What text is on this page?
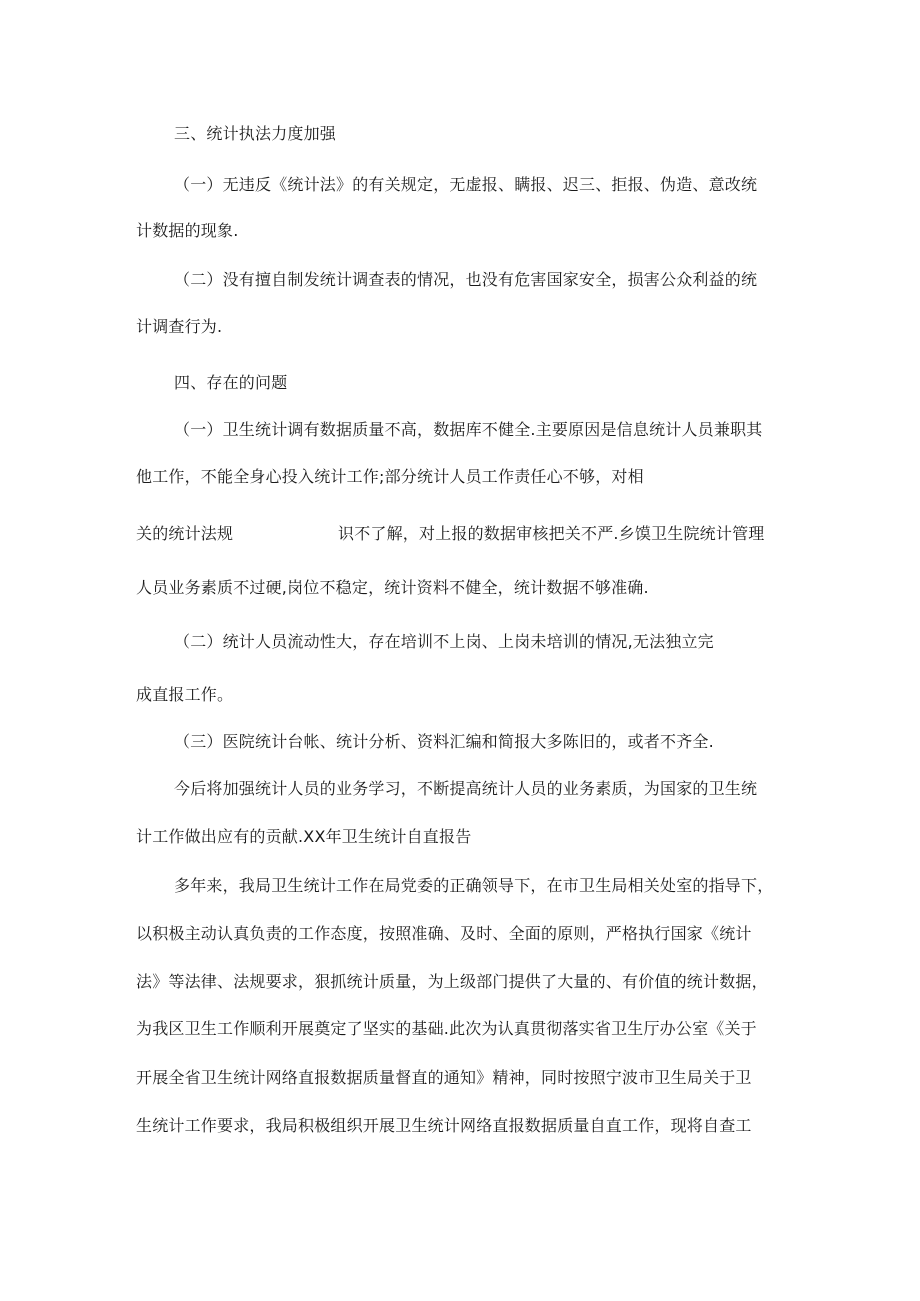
三、统计执法力度加强
（一）无违反《统计法》的有关规定，无虚报、瞒报、迟三、拒报、伪造、意改统
计数据的现象.
（二）没有擅自制发统计调查表的情况，也没有危害国家安全，损害公众利益的统
计调查行为.
四、存在的问题
（一）卫生统计调有数据质量不高，数据库不健全.主要原因是信息统计人员兼职其
他工作，不能全身心投入统计工作;部分统计人员工作责任心不够，对相
关的统计法规	识不了解，对上报的数据审核把关不严.乡馍卫生院统计管理
人员业务素质不过硬,岗位不稳定，统计资料不健全，统计数据不够准确.
（二）统计人员流动性大，存在培训不上岗、上岗未培训的情况,无法独立完
成直报工作。
（三）医院统计台帐、统计分析、资料汇编和简报大多陈旧的，或者不齐全.
今后将加强统计人员的业务学习，不断提高统计人员的业务素质，为国家的卫生统
计工作做出应有的贡献.XX年卫生统计自直报告
多年来，我局卫生统计工作在局党委的正确领导下，在市卫生局相关处室的指导下，
以积极主动认真负责的工作态度，按照准确、及时、全面的原则，严格执行国家《统计
法》等法律、法规要求，狠抓统计质量，为上级部门提供了大量的、有价值的统计数据，
为我区卫生工作顺利开展奠定了坚实的基础.此次为认真贯彻落实省卫生厅办公室《关于
开展全省卫生统计网络直报数据质量督直的通知》精神，同时按照宁波市卫生局关于卫
生统计工作要求，我局积极组织开展卫生统计网络直报数据质量自直工作，现将自查工
